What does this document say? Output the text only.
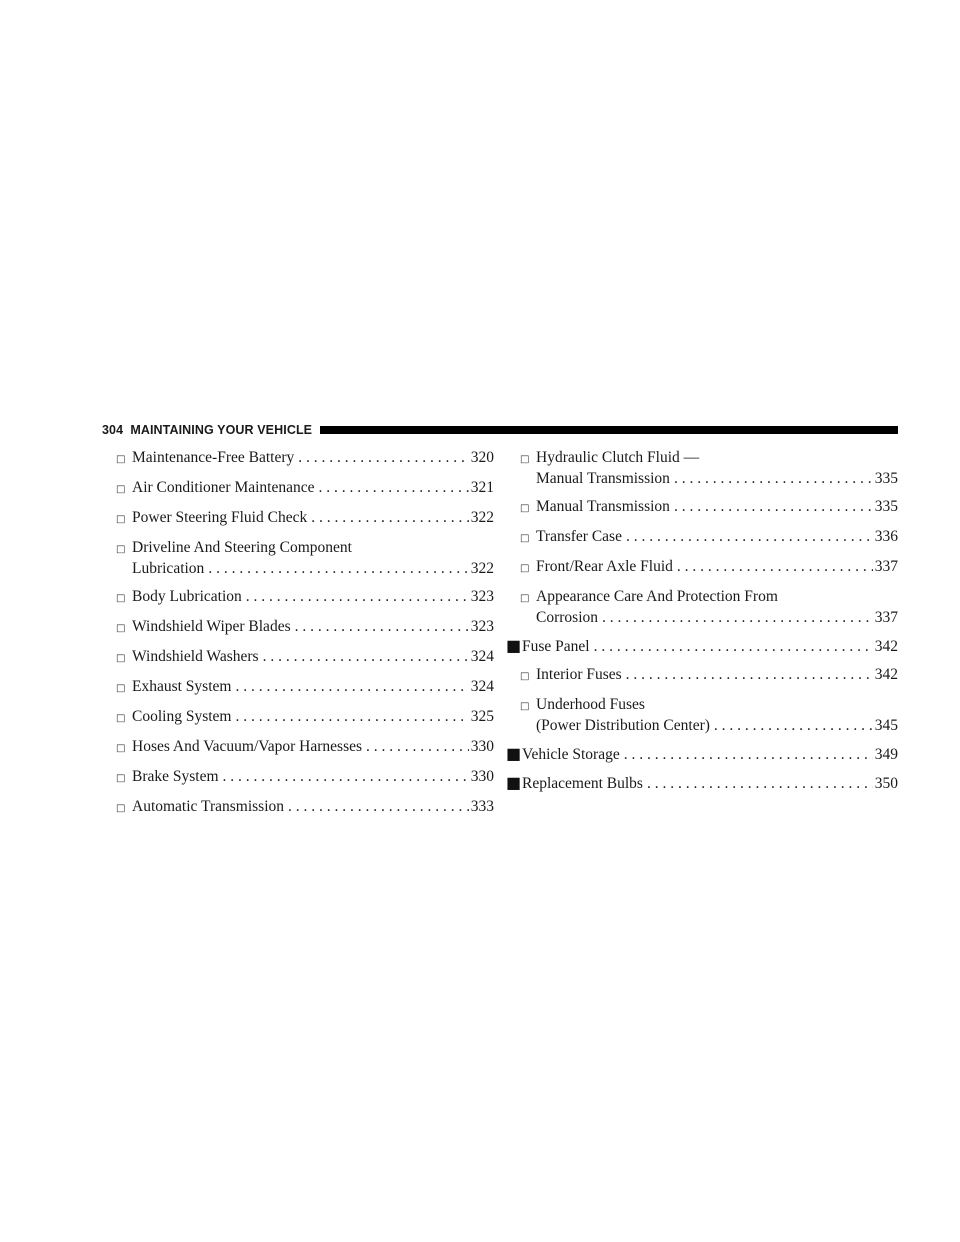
304 MAINTAINING YOUR VEHICLE
□ Maintenance-Free Battery . . .	320
□ Air Conditioner Maintenance . . .	321
□ Power Steering Fluid Check . . .	322
□ Driveline And Steering Component
Lubrication . . .	322
□ Body Lubrication . . .	323
□ Windshield Wiper Blades . . .	323
□ Windshield Washers . . .	324
□ Exhaust System . . .	324
□ Cooling System . . .	325
□ Hoses And Vacuum/Vapor Harnesses . . .	330
□ Brake System . . .	330
□ Automatic Transmission . . .	333
□ Hydraulic Clutch Fluid —
Manual Transmission . . .	335
□ Manual Transmission . . .	335
□ Transfer Case . . .	336
□ Front/Rear Axle Fluid . . .	337
□ Appearance Care And Protection From
Corrosion . . .	337
■ Fuse Panel . . .	342
□ Interior Fuses . . .	342
□ Underhood Fuses
(Power Distribution Center) . . .	345
■ Vehicle Storage . . .	349
■ Replacement Bulbs . . .	350
